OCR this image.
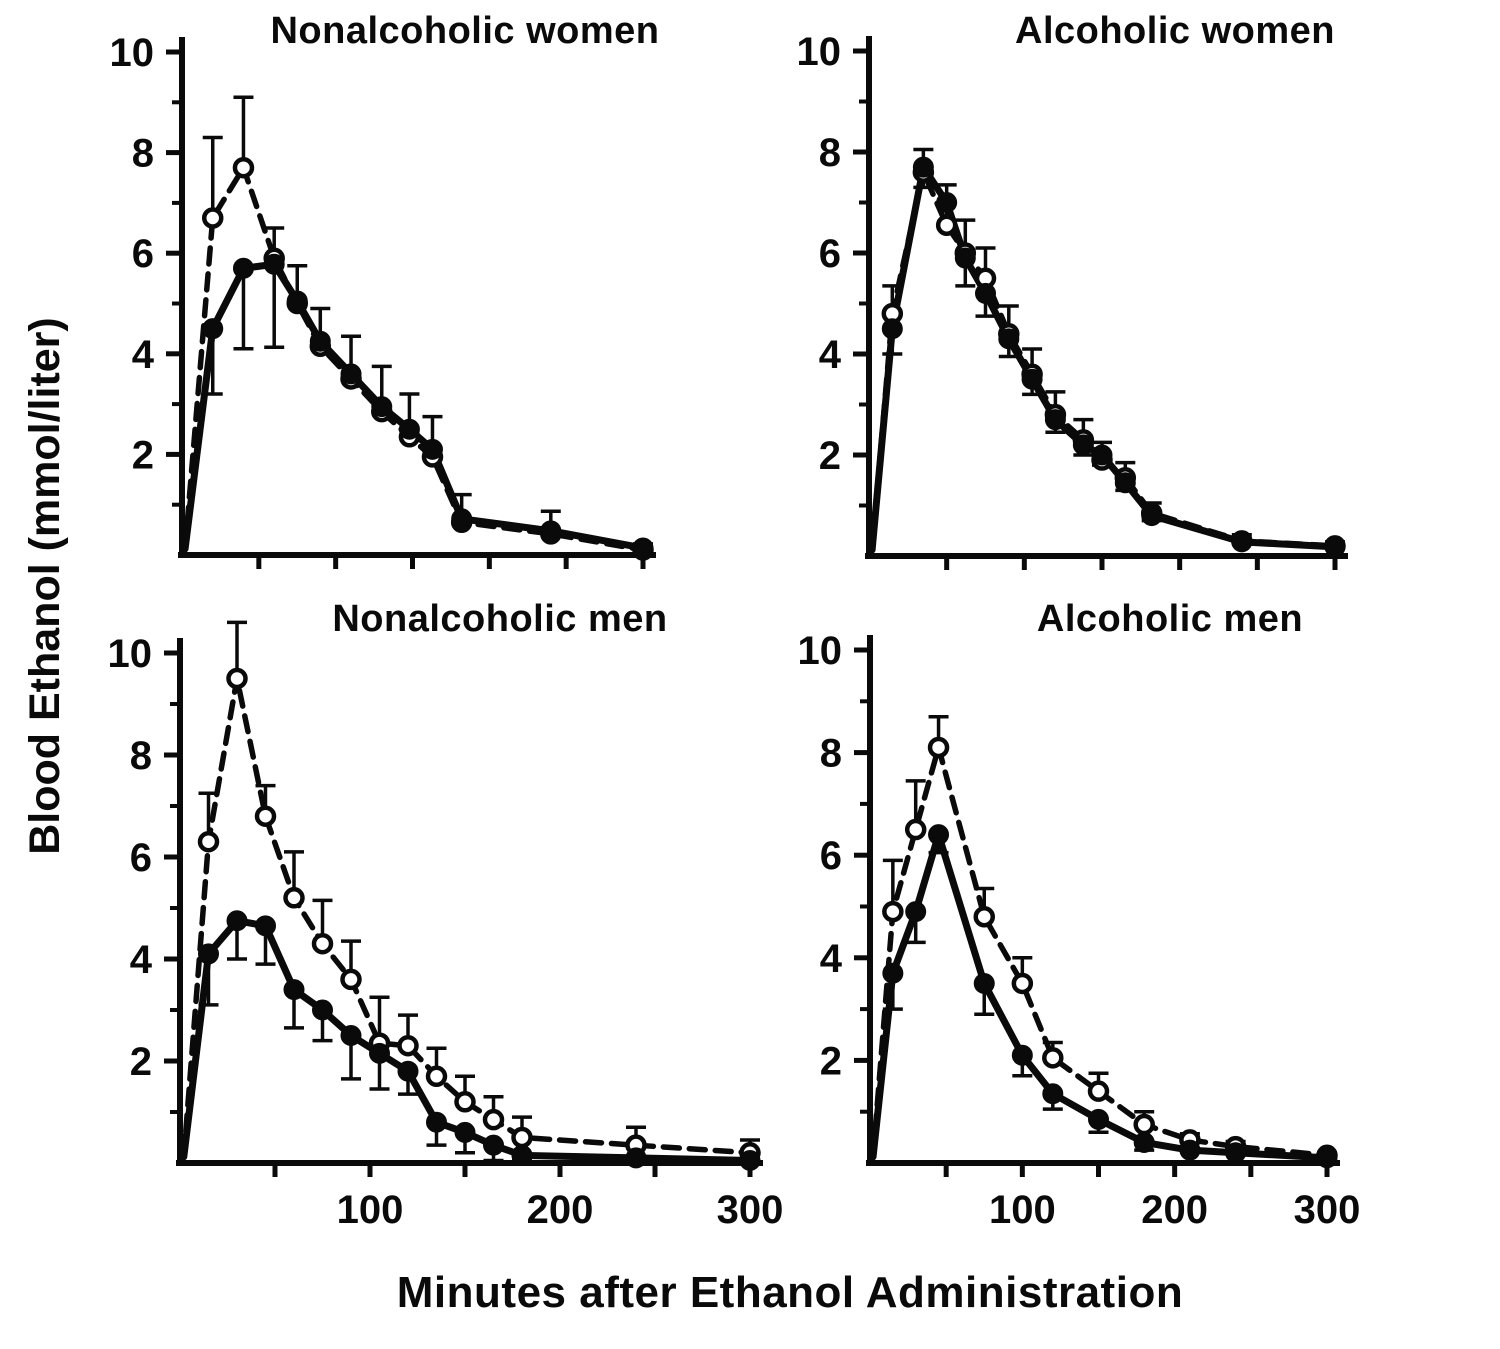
Blood Ethanol (mmol/liter)
Nonalcoholic women	Alcoholic women
Nonalcoholic men	Alcoholic men
2
4
6
8
10
2
4
6
8
10
2
4
6
8
10
100	200	300
2
4
6
8
10
100 200 300
Minutes after Ethanol Administration
